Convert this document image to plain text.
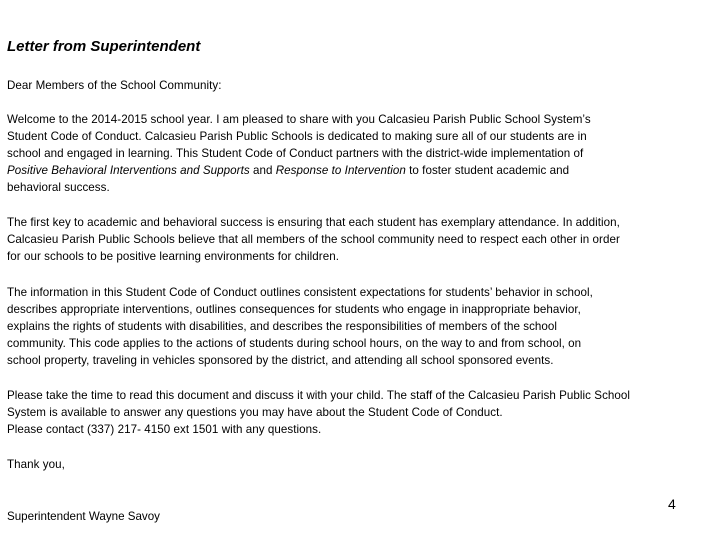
Letter from Superintendent

Dear Members of the School Community:

Welcome to the 2014-2015 school year. I am pleased to share with you Calcasieu Parish Public School System’s
Student Code of Conduct. Calcasieu Parish Public Schools is dedicated to making sure all of our students are in
school and engaged in learning. This Student Code of Conduct partners with the district-wide implementation of
Positive Behavioral Interventions and Supports and Response to Intervention to foster student academic and
behavioral success.

The first key to academic and behavioral success is ensuring that each student has exemplary attendance. In addition,
Calcasieu Parish Public Schools believe that all members of the school community need to respect each other in order
for our schools to be positive learning environments for children.

The information in this Student Code of Conduct outlines consistent expectations for students’ behavior in school,
describes appropriate interventions, outlines consequences for students who engage in inappropriate behavior,
explains the rights of students with disabilities, and describes the responsibilities of members of the school
community. This code applies to the actions of students during school hours, on the way to and from school, on
school property, traveling in vehicles sponsored by the district, and attending all school sponsored events.

Please take the time to read this document and discuss it with your child. The staff of the Calcasieu Parish Public School
System is available to answer any questions you may have about the Student Code of Conduct.
Please contact (337) 217- 4150 ext 1501 with any questions.

Thank you,

Superintendent Wayne Savoy

4
